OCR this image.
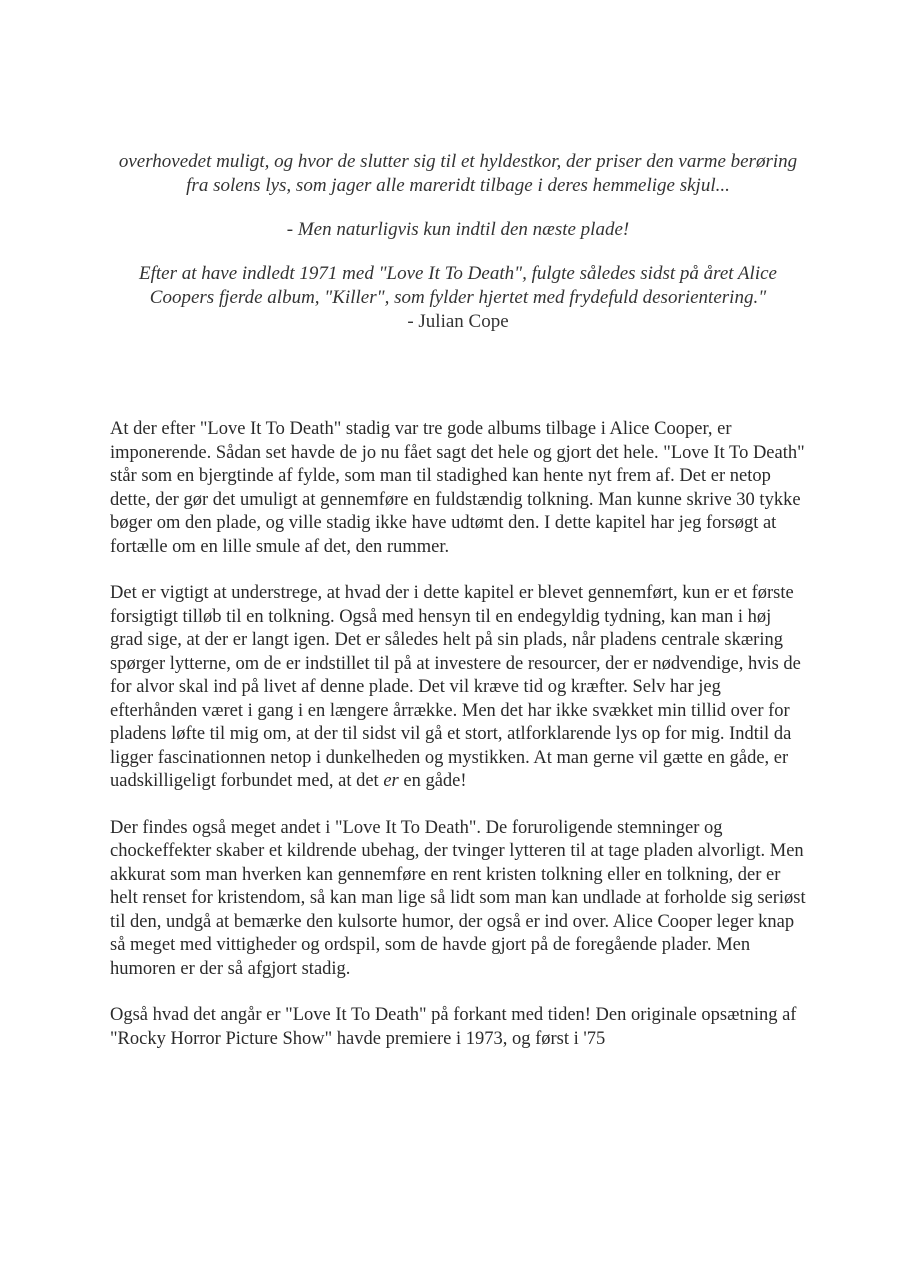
overhovedet muligt, og hvor de slutter sig til et hyldestkor, der priser den varme berøring fra solens lys, som jager alle mareridt tilbage i deres hemmelige skjul...

- Men naturligvis kun indtil den næste plade!

Efter at have indledt 1971 med "Love It To Death", fulgte således sidst på året Alice Coopers fjerde album, "Killer", som fylder hjertet med frydefuld desorientering."

- Julian Cope

At der efter "Love It To Death" stadig var tre gode albums tilbage i Alice Cooper, er imponerende. Sådan set havde de jo nu fået sagt det hele og gjort det hele. "Love It To Death" står som en bjergtinde af fylde, som man til stadighed kan hente nyt frem af. Det er netop dette, der gør det umuligt at gennemføre en fuldstændig tolkning. Man kunne skrive 30 tykke bøger om den plade, og ville stadig ikke have udtømt den. I dette kapitel har jeg forsøgt at fortælle om en lille smule af det, den rummer.

Det er vigtigt at understrege, at hvad der i dette kapitel er blevet gennemført, kun er et første forsigtigt tilløb til en tolkning. Også med hensyn til en endegyldig tydning, kan man i høj grad sige, at der er langt igen. Det er således helt på sin plads, når pladens centrale skæring spørger lytterne, om de er indstillet til på at investere de resourcer, der er nødvendige, hvis de for alvor skal ind på livet af denne plade. Det vil kræve tid og kræfter. Selv har jeg efterhånden været i gang i en længere årrække. Men det har ikke svækket min tillid over for pladens løfte til mig om, at der til sidst vil gå et stort, atlforklarende lys op for mig. Indtil da ligger fascinationnen netop i dunkelheden og mystikken. At man gerne vil gætte en gåde, er uadskilligeligt forbundet med, at det er en gåde!

Der findes også meget andet i "Love It To Death". De foruroligende stemninger og chockeffekter skaber et kildrende ubehag, der tvinger lytteren til at tage pladen alvorligt. Men akkurat som man hverken kan gennemføre en rent kristen tolkning eller en tolkning, der er helt renset for kristendom, så kan man lige så lidt som man kan undlade at forholde sig seriøst til den, undgå at bemærke den kulsorte humor, der også er ind over. Alice Cooper leger knap så meget med vittigheder og ordspil, som de havde gjort på de foregående plader. Men humoren er der så afgjort stadig.

Også hvad det angår er "Love It To Death" på forkant med tiden! Den originale opsætning af "Rocky Horror Picture Show" havde premiere i 1973, og først i '75
